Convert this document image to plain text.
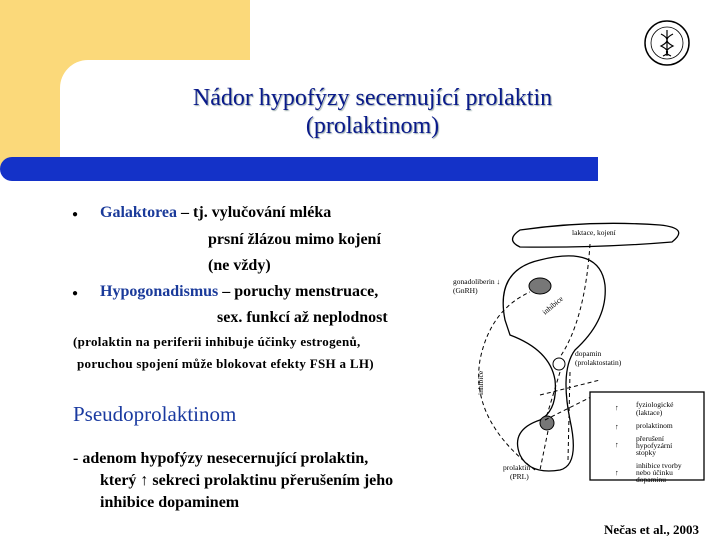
Nádor hypofýzy secernující prolaktin
(prolaktinom)
● Galaktorea – tj. vylučování mléka
prsní žlázou mimo kojení
(ne vždy)
● Hypogonadismus – poruchy menstruace,
sex. funkcí až neplodnost
(prolaktin na periferii inhibuje účinky estrogenů,
poruchou spojení může blokovat efekty FSH a LH)
Pseudoprolaktinom
- adenom hypofýzy nesecernující prolaktin,
který ↑ sekreci prolaktinu přerušením jeho
inhibice dopaminem
laktace, kojení
gonadoliberin ↓
(GnRH)
inhibice
dopamin
(prolaktostatin)
inhibice
prolaktin
(PRL)
↑ fyziologické
(laktace)
↑ prolaktinom
↑
přerušení
hypofyzární
stopky
↑
inhibice tvorby
nebo účinku
dopaminu
Nečas et al., 2003
